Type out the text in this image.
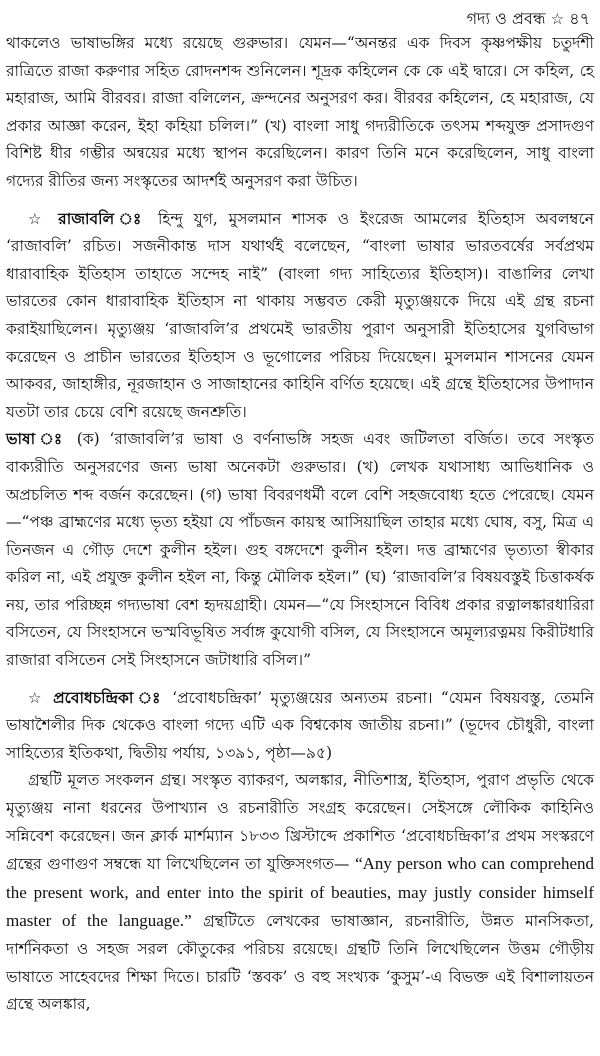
গদ্য ও প্রবন্ধ ☆ ৪৭

থাকলেও ভাষাভঙ্গির মধ্যে রয়েছে গুরুভার। যেমন—“অনন্তর এক দিবস কৃষ্ণপক্ষীয় চতুর্দশী রাত্রিতে রাজা করুণার সহিত রোদনশব্দ শুনিলেন। শূদ্রক কহিলেন কে কে এই দ্বারে। সে কহিল, হে মহারাজ, আমি বীরবর। রাজা বলিলেন, ক্রন্দনের অনুসরণ কর। বীরবর কহিলেন, হে মহারাজ, যে প্রকার আজ্ঞা করেন, ইহা কহিয়া চলিল।” (খ) বাংলা সাধু গদ্যরীতিকে তৎসম শব্দযুক্ত প্রসাদগুণ বিশিষ্ট ধীর গম্ভীর অন্বয়ের মধ্যে স্থাপন করেছিলেন। কারণ তিনি মনে করেছিলেন, সাধু বাংলা গদ্যের রীতির জন্য সংস্কৃতের আদর্শই অনুসরণ করা উচিত।

☆ রাজাবলি ঃ হিন্দু যুগ, মুসলমান শাসক ও ইংরেজ আমলের ইতিহাস অবলম্বনে ‘রাজাবলি’ রচিত। সজনীকান্ত দাস যথার্থই বলেছেন, “বাংলা ভাষার ভারতবর্ষের সর্বপ্রথম ধারাবাহিক ইতিহাস তাহাতে সন্দেহ নাই” (বাংলা গদ্য সাহিত্যের ইতিহাস)। বাঙালির লেখা ভারতের কোন ধারাবাহিক ইতিহাস না থাকায় সম্ভবত কেরী মৃত্যুঞ্জয়কে দিয়ে এই গ্রন্থ রচনা করাইয়াছিলেন। মৃত্যুঞ্জয় ‘রাজাবলি’র প্রথমেই ভারতীয় পুরাণ অনুসারী ইতিহাসের যুগবিভাগ করেছেন ও প্রাচীন ভারতের ইতিহাস ও ভূগোলের পরিচয় দিয়েছেন। মুসলমান শাসনের যেমন আকবর, জাহাঙ্গীর, নূরজাহান ও সাজাহানের কাহিনি বর্ণিত হয়েছে। এই গ্রন্থে ইতিহাসের উপাদান যতটা তার চেয়ে বেশি রয়েছে জনশ্রুতি।

ভাষা ঃ (ক) ‘রাজাবলি’র ভাষা ও বর্ণনাভঙ্গি সহজ এবং জটিলতা বর্জিত। তবে সংস্কৃত বাক্যরীতি অনুসরণের জন্য ভাষা অনেকটা গুরুভার। (খ) লেখক যথাসাধ্য আভিধানিক ও অপ্রচলিত শব্দ বর্জন করেছেন। (গ) ভাষা বিবরণধর্মী বলে বেশি সহজবোধ্য হতে পেরেছে। যেমন—“পঞ্চ ব্রাহ্মণের মধ্যে ভৃত্য হইয়া যে পাঁচজন কায়স্থ আসিয়াছিল তাহার মধ্যে ঘোষ, বসু, মিত্র এ তিনজন এ গৌড় দেশে কুলীন হইল। গুহ বঙ্গদেশে কুলীন হইল। দত্ত ব্রাহ্মণের ভৃত্যতা স্বীকার করিল না, এই প্রযুক্ত কুলীন হইল না, কিন্তু মৌলিক হইল।” (ঘ) ‘রাজাবলি’র বিষয়বস্তুই চিত্তাকর্ষক নয়, তার পরিচ্ছন্ন গদ্যভাষা বেশ হৃদয়গ্রাহী। যেমন—“যে সিংহাসনে বিবিধ প্রকার রত্নালঙ্কারধারিরা বসিতেন, যে সিংহাসনে ভস্মবিভূষিত সর্বাঙ্গ কুযোগী বসিল, যে সিংহাসনে অমূল্যরত্নময় কিরীটধারি রাজারা বসিতেন সেই সিংহাসনে জটাধারি বসিল।”

☆ প্রবোধচন্দ্রিকা ঃ ‘প্রবোধচন্দ্রিকা’ মৃত্যুঞ্জয়ের অন্যতম রচনা। “যেমন বিষয়বস্তু, তেমনি ভাষাশৈলীর দিক থেকেও বাংলা গদ্যে এটি এক বিশ্বকোষ জাতীয় রচনা।” (ভূদেব চৌধুরী, বাংলা সাহিত্যের ইতিকথা, দ্বিতীয় পর্যায়, ১৩৯১, পৃষ্ঠা—৯৫)

গ্রন্থটি মূলত সংকলন গ্রন্থ। সংস্কৃত ব্যাকরণ, অলঙ্কার, নীতিশাস্ত্র, ইতিহাস, পুরাণ প্রভৃতি থেকে মৃত্যুঞ্জয় নানা ধরনের উপাখ্যান ও রচনারীতি সংগ্রহ করেছেন। সেইসঙ্গে লৌকিক কাহিনিও সন্নিবেশ করেছেন। জন ক্লার্ক মার্শম্যান ১৮৩৩ খ্রিস্টাব্দে প্রকাশিত ‘প্রবোধচন্দ্রিকা’র প্রথম সংস্করণে গ্রন্থের গুণাগুণ সম্বন্ধে যা লিখেছিলেন তা যুক্তিসংগত— “Any person who can comprehend the present work, and enter into the spirit of beauties, may justly consider himself master of the language.” গ্রন্থটিতে লেখকের ভাষাজ্ঞান, রচনারীতি, উন্নত মানসিকতা, দার্শনিকতা ও সহজ সরল কৌতুকের পরিচয় রয়েছে। গ্রন্থটি তিনি লিখেছিলেন উত্তম গৌড়ীয় ভাষাতে সাহেবদের শিক্ষা দিতে। চারটি ‘স্তবক’ ও বহু সংখ্যক ‘কুসুম’-এ বিভক্ত এই বিশালায়তন গ্রন্থে অলঙ্কার,
